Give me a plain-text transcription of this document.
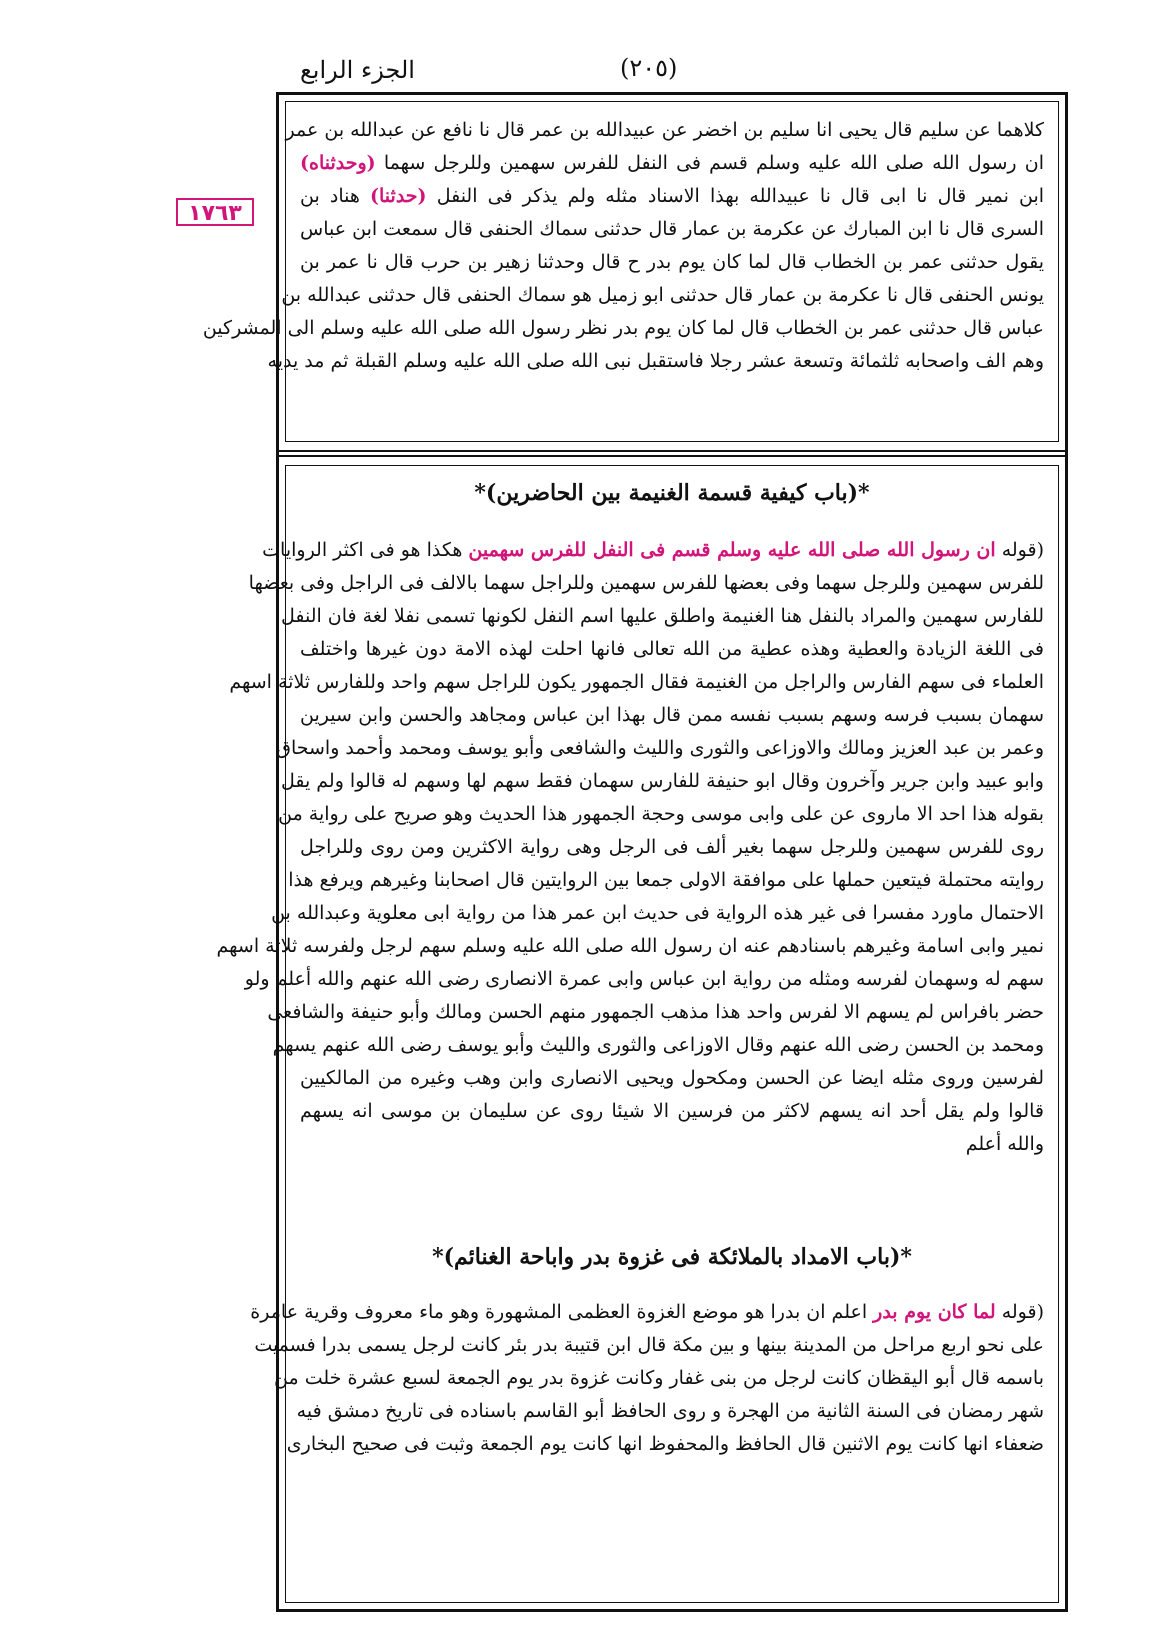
الجزء الرابع	(٢٠٥)
١٧٦٣
كلاهما عن سليم قال يحيى انا سليم بن اخضر عن عبيدالله بن عمر قال نا نافع عن عبدالله بن عمر
ان رسول الله صلى الله عليه وسلم قسم فى النفل للفرس سهمين وللرجل سهما (وحدثناه)
ابن نمير قال نا ابى قال نا عبيدالله بهذا الاسناد مثله ولم يذكر فى النفل (حدثنا) هناد بن
السرى قال نا ابن المبارك عن عكرمة بن عمار قال حدثنى سماك الحنفى قال سمعت ابن عباس
يقول حدثنى عمر بن الخطاب قال لما كان يوم بدر ح قال وحدثنا زهير بن حرب قال نا عمر بن
يونس الحنفى قال نا عكرمة بن عمار قال حدثنى ابو زميل هو سماك الحنفى قال حدثنى عبدالله بن
عباس قال حدثنى عمر بن الخطاب قال لما كان يوم بدر نظر رسول الله صلى الله عليه وسلم الى المشركين
وهم الف واصحابه ثلثمائة وتسعة عشر رجلا فاستقبل نبى الله صلى الله عليه وسلم القبلة ثم مد يديه
*(باب كيفية قسمة الغنيمة بين الحاضرين)*
(قوله ان رسول الله صلى الله عليه وسلم قسم فى النفل للفرس سهمين هكذا هو فى اكثر الروايات
للفرس سهمين وللرجل سهما وفى بعضها للفرس سهمين وللراجل سهما بالالف فى الراجل وفى بعضها
للفارس سهمين والمراد بالنفل هنا الغنيمة واطلق عليها اسم النفل لكونها تسمى نفلا لغة فان النفل
فى اللغة الزيادة والعطية وهذه عطية من الله تعالى فانها احلت لهذه الامة دون غيرها واختلف
العلماء فى سهم الفارس والراجل من الغنيمة فقال الجمهور يكون للراجل سهم واحد وللفارس ثلاثة اسهم
سهمان بسبب فرسه وسهم بسبب نفسه ممن قال بهذا ابن عباس ومجاهد والحسن وابن سيرين
وعمر بن عبد العزيز ومالك والاوزاعى والثورى والليث والشافعى وأبو يوسف ومحمد وأحمد واسحاق
وابو عبيد وابن جرير وآخرون وقال ابو حنيفة للفارس سهمان فقط سهم لها وسهم له قالوا ولم يقل
بقوله هذا احد الا ماروى عن على وابى موسى وحجة الجمهور هذا الحديث وهو صريح على رواية من
روى للفرس سهمين وللرجل سهما بغير ألف فى الرجل وهى رواية الاكثرين ومن روى وللراجل
روايته محتملة فيتعين حملها على موافقة الاولى جمعا بين الروايتين قال اصحابنا وغيرهم ويرفع هذا
الاحتمال ماورد مفسرا فى غير هذه الرواية فى حديث ابن عمر هذا من رواية ابى معلوية وعبدالله بن
نمير وابى اسامة وغيرهم باسنادهم عنه ان رسول الله صلى الله عليه وسلم سهم لرجل ولفرسه ثلاثة اسهم
سهم له وسهمان لفرسه ومثله من رواية ابن عباس وابى عمرة الانصارى رضى الله عنهم والله أعلم ولو
حضر بافراس لم يسهم الا لفرس واحد هذا مذهب الجمهور منهم الحسن ومالك وأبو حنيفة والشافعى
ومحمد بن الحسن رضى الله عنهم وقال الاوزاعى والثورى والليث وأبو يوسف رضى الله عنهم يسهم
لفرسين وروى مثله ايضا عن الحسن ومكحول ويحيى الانصارى وابن وهب وغيره من المالكيين
قالوا ولم يقل أحد انه يسهم لاكثر من فرسين الا شيئا روى عن سليمان بن موسى انه يسهم
والله أعلم
*(باب الامداد بالملائكة فى غزوة بدر واباحة الغنائم)*
(قوله لما كان يوم بدر اعلم ان بدرا هو موضع الغزوة العظمى المشهورة وهو ماء معروف وقرية عامرة
على نحو اربع مراحل من المدينة بينها و بين مكة قال ابن قتيبة بدر بئر كانت لرجل يسمى بدرا فسميت
باسمه قال أبو اليقظان كانت لرجل من بنى غفار وكانت غزوة بدر يوم الجمعة لسبع عشرة خلت من
شهر رمضان فى السنة الثانية من الهجرة و روى الحافظ أبو القاسم باسناده فى تاريخ دمشق فيه
ضعفاء انها كانت يوم الاثنين قال الحافظ والمحفوظ انها كانت يوم الجمعة وثبت فى صحيح البخارى
